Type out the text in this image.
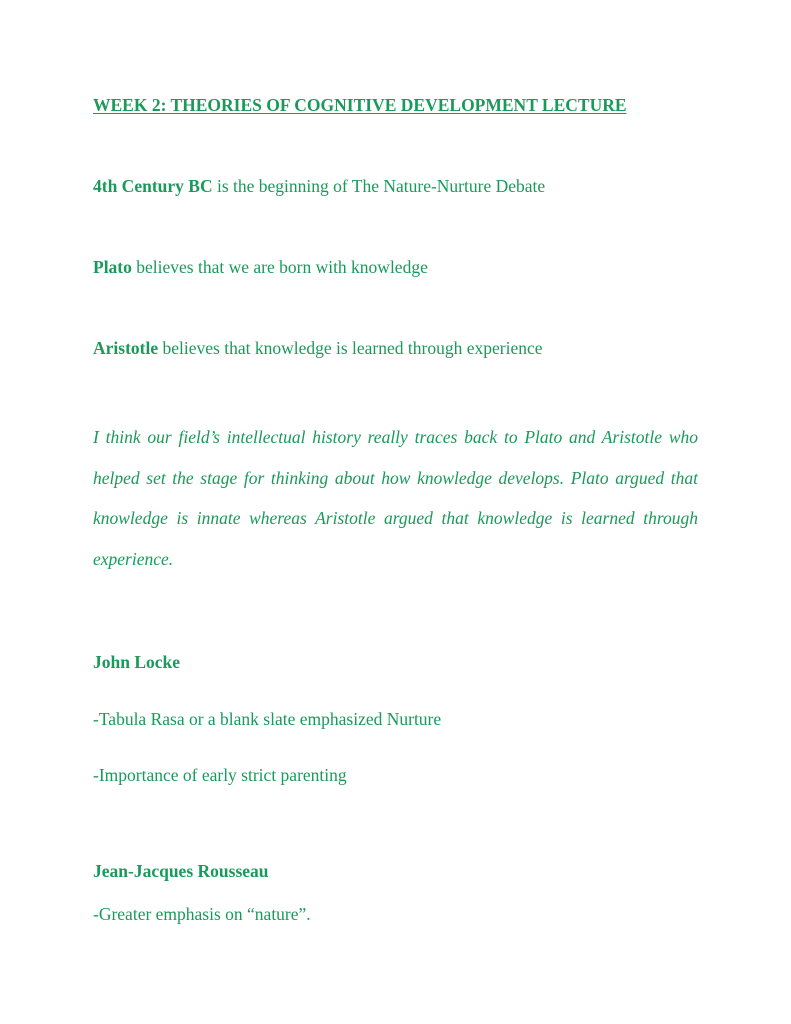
WEEK 2: THEORIES OF COGNITIVE DEVELOPMENT LECTURE
4th Century BC is the beginning of The Nature-Nurture Debate
Plato believes that we are born with knowledge
Aristotle believes that knowledge is learned through experience
I think our field’s intellectual history really traces back to Plato and Aristotle who helped set the stage for thinking about how knowledge develops. Plato argued that knowledge is innate whereas Aristotle argued that knowledge is learned through experience.
John Locke
-Tabula Rasa or a blank slate emphasized Nurture
-Importance of early strict parenting
Jean-Jacques Rousseau
-Greater emphasis on “nature”.
